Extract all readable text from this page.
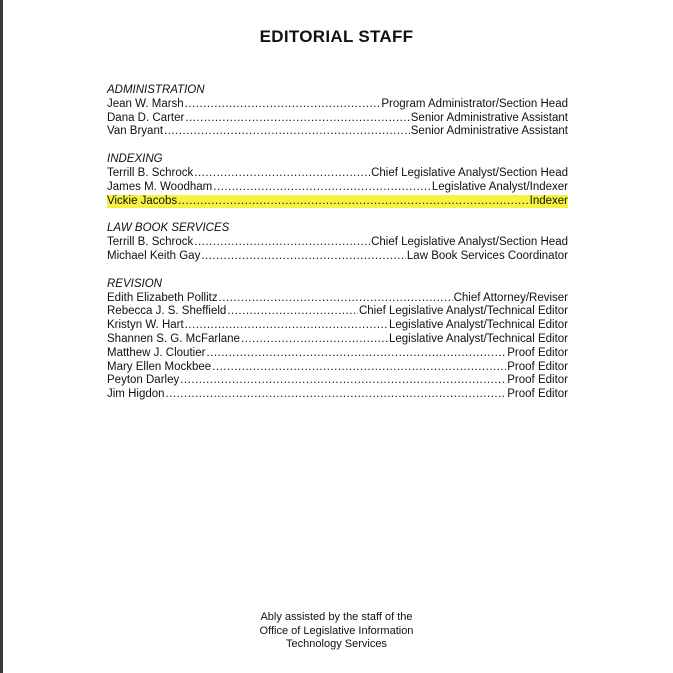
EDITORIAL STAFF
ADMINISTRATION
Jean W. Marsh .....	Program Administrator/Section Head
Dana D. Carter .....	Senior Administrative Assistant
Van Bryant .....	Senior Administrative Assistant
INDEXING
Terrill B. Schrock .....	Chief Legislative Analyst/Section Head
James M. Woodham .....	Legislative Analyst/Indexer
Vickie Jacobs .....	Indexer
LAW BOOK SERVICES
Terrill B. Schrock .....	Chief Legislative Analyst/Section Head
Michael Keith Gay .....	Law Book Services Coordinator
REVISION
Edith Elizabeth Pollitz .....	Chief Attorney/Reviser
Rebecca J. S. Sheffield .....	Chief Legislative Analyst/Technical Editor
Kristyn W. Hart .....	Legislative Analyst/Technical Editor
Shannen S. G. McFarlane .....	Legislative Analyst/Technical Editor
Matthew J. Cloutier .....	Proof Editor
Mary Ellen Mockbee .....	Proof Editor
Peyton Darley .....	Proof Editor
Jim Higdon .....	Proof Editor
Ably assisted by the staff of the
Office of Legislative Information
Technology Services
